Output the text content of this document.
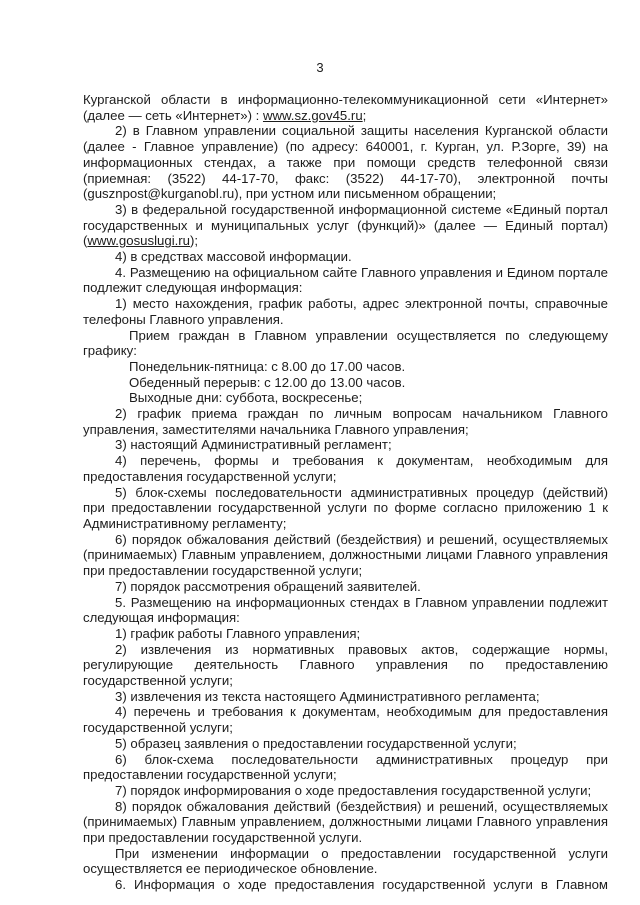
3

Курганской области в информационно-телекоммуникационной сети «Интернет» (далее — сеть «Интернет») : www.sz.gov45.ru;

2) в Главном управлении социальной защиты населения Курганской области (далее - Главное управление) (по адресу: 640001, г. Курган, ул. Р.Зорге, 39) на информационных стендах, а также при помощи средств телефонной связи (приемная: (3522) 44-17-70, факс: (3522) 44-17-70), электронной почты (gusznpost@kurganobl.ru), при устном или письменном обращении;

3) в федеральной государственной информационной системе «Единый портал государственных и муниципальных услуг (функций)» (далее — Единый портал) (www.gosuslugi.ru);

4) в средствах массовой информации.

4. Размещению на официальном сайте Главного управления и Едином портале подлежит следующая информация:

1) место нахождения, график работы, адрес электронной почты, справочные телефоны Главного управления.

Прием граждан в Главном управлении осуществляется по следующему графику:

Понедельник-пятница: с 8.00 до 17.00 часов.

Обеденный перерыв: с 12.00 до 13.00 часов.

Выходные дни: суббота, воскресенье;

2) график приема граждан по личным вопросам начальником Главного управления, заместителями начальника Главного управления;

3) настоящий Административный регламент;

4) перечень, формы и требования к документам, необходимым для предоставления государственной услуги;

5) блок-схемы последовательности административных процедур (действий) при предоставлении государственной услуги по форме согласно приложению 1 к Административному регламенту;

6) порядок обжалования действий (бездействия) и решений, осуществляемых (принимаемых) Главным управлением, должностными лицами Главного управления при предоставлении государственной услуги;

7) порядок рассмотрения обращений заявителей.

5. Размещению на информационных стендах в Главном управлении подлежит следующая информация:

1) график работы Главного управления;

2) извлечения из нормативных правовых актов, содержащие нормы, регулирующие деятельность Главного управления по предоставлению государственной услуги;

3) извлечения из текста настоящего Административного регламента;

4) перечень и требования к документам, необходимым для предоставления государственной услуги;

5) образец заявления о предоставлении государственной услуги;

6) блок-схема последовательности административных процедур при предоставлении государственной услуги;

7) порядок информирования о ходе предоставления государственной услуги;

8) порядок обжалования действий (бездействия) и решений, осуществляемых (принимаемых) Главным управлением, должностными лицами Главного управления при предоставлении государственной услуги.

При изменении информации о предоставлении государственной услуги осуществляется ее периодическое обновление.

6. Информация о ходе предоставления государственной услуги в Главном
